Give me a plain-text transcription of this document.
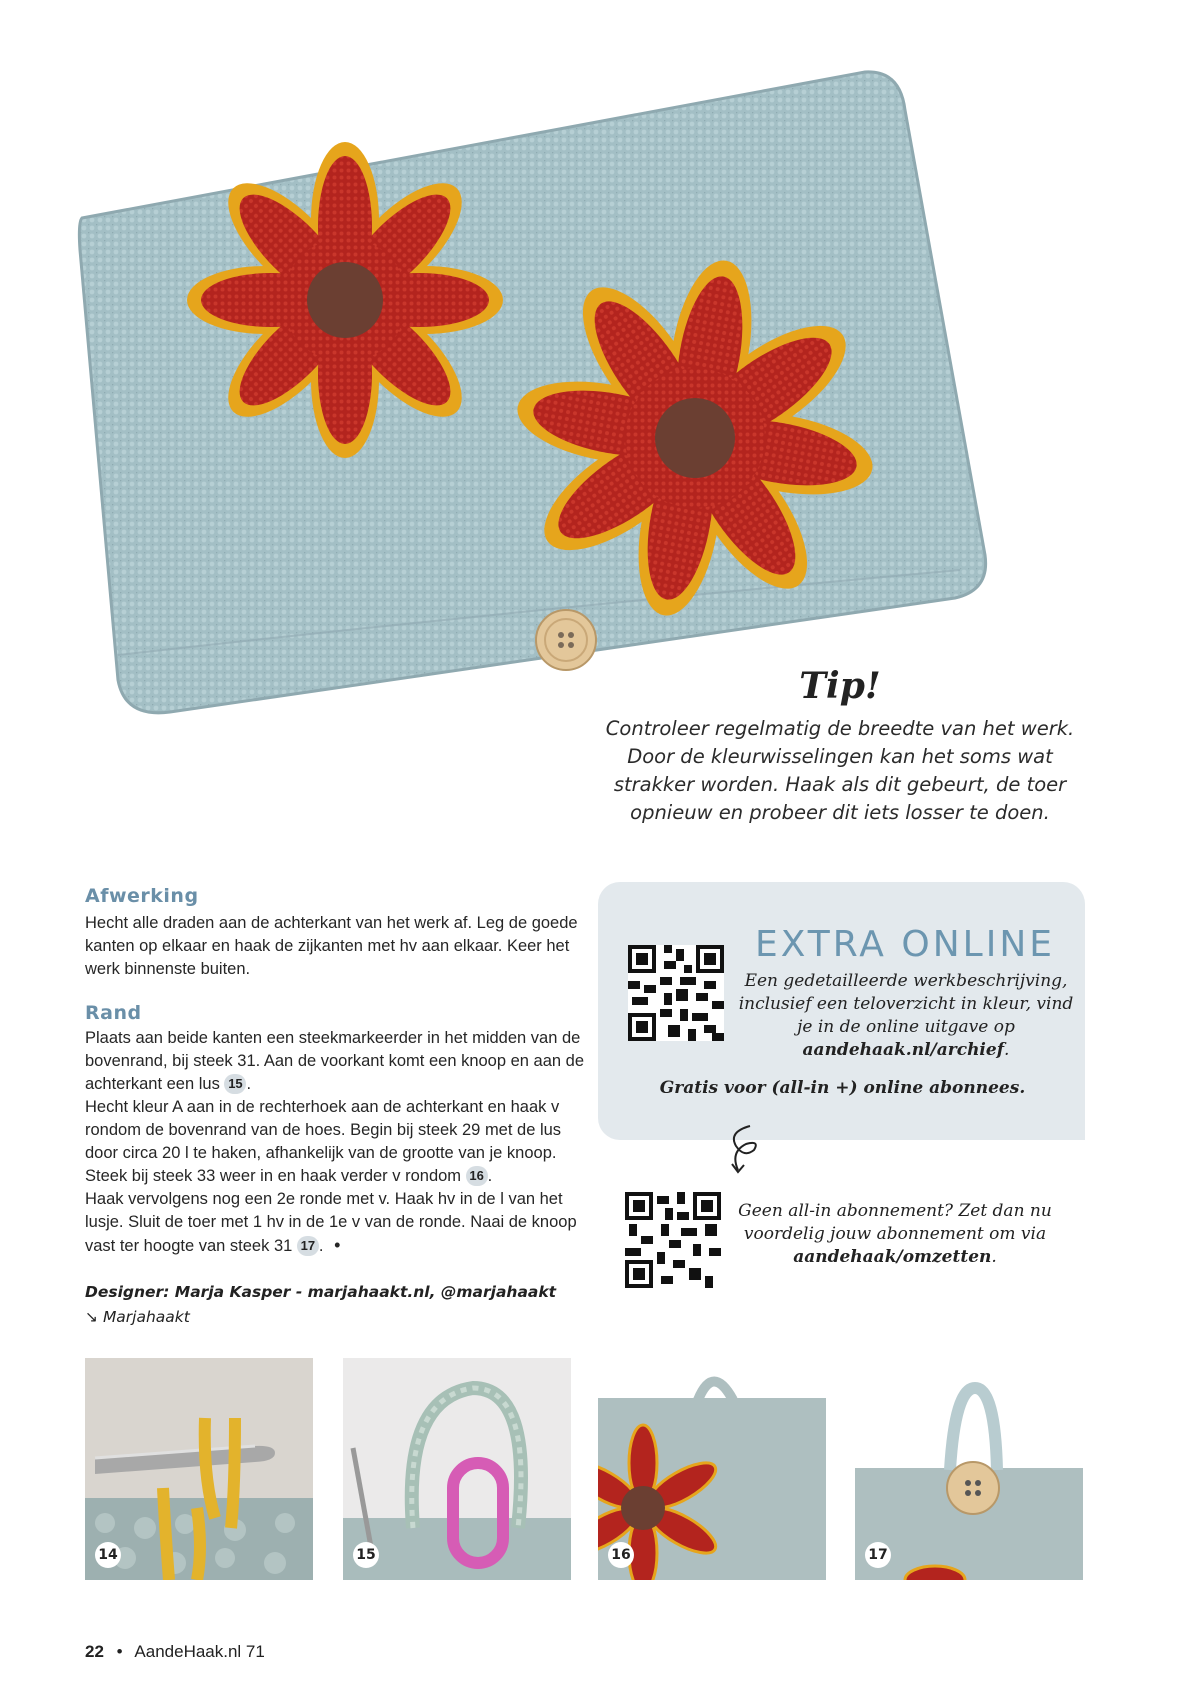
Tip!
Controleer regelmatig de breedte van het werk. Door de kleurwisselingen kan het soms wat strakker worden. Haak als dit gebeurt, de toer opnieuw en probeer dit iets losser te doen.
Afwerking
Hecht alle draden aan de achterkant van het werk af. Leg de goede kanten op elkaar en haak de zijkanten met hv aan elkaar. Keer het werk binnenste buiten.
Rand
Plaats aan beide kanten een steekmarkeerder in het midden van de bovenrand, bij steek 31. Aan de voorkant komt een knoop en aan de achterkant een lus 15 .
Hecht kleur A aan in de rechterhoek aan de achterkant en haak v rondom de bovenrand van de hoes. Begin bij steek 29 met de lus door circa 20 l te haken, afhankelijk van de grootte van je knoop. Steek bij steek 33 weer in en haak verder v rondom 16 .
Haak vervolgens nog een 2e ronde met v. Haak hv in de l van het lusje. Sluit de toer met 1 hv in de 1e v van de ronde. Naai de knoop vast ter hoogte van steek 31 17 . •
Designer: Marja Kasper - marjahaakt.nl, @marjahaakt
↘ Marjahaakt
EXTRA ONLINE
Een gedetailleerde werkbeschrijving, inclusief een teloverzicht in kleur, vind je in de online uitgave op aandehaak.nl/archief.
Gratis voor (all-in +) online abonnees.
Geen all-in abonnement? Zet dan nu voordelig jouw abonnement om via aandehaak/omzetten.
14	15	16	17
22 • AandeHaak.nl 71
